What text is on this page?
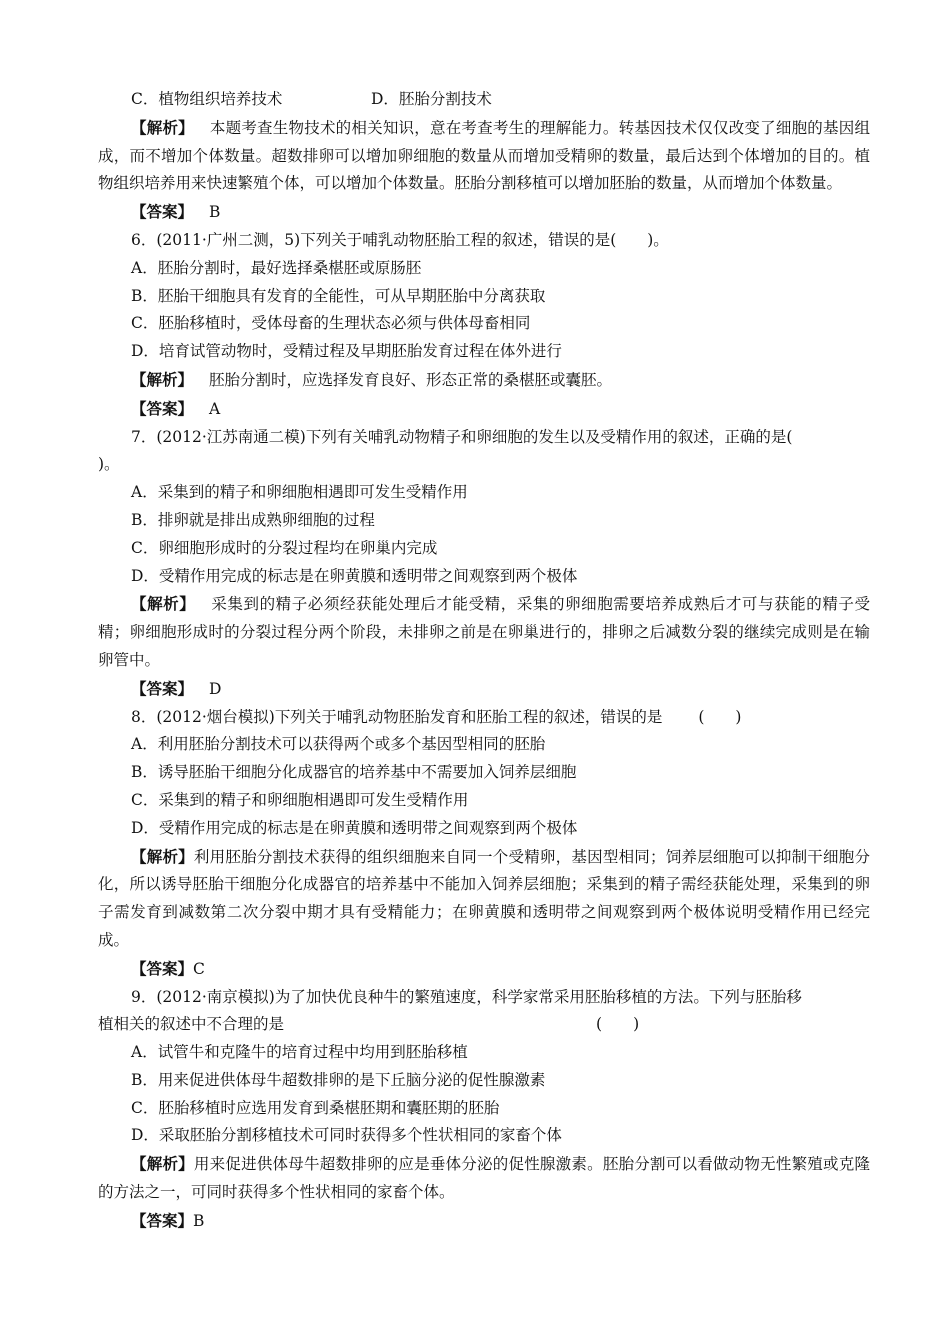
C．植物组织培养技术	D．胚胎分割技术
【解析】 本题考查生物技术的相关知识，意在考查考生的理解能力。转基因技术仅仅改变了细胞的基因组成，而不增加个体数量。超数排卵可以增加卵细胞的数量从而增加受精卵的数量，最后达到个体增加的目的。植物组织培养用来快速繁殖个体，可以增加个体数量。胚胎分割移植可以增加胚胎的数量，从而增加个体数量。
【答案】 B
6．(2011·广州二测，5)下列关于哺乳动物胚胎工程的叙述，错误的是(　　)。
A．胚胎分割时，最好选择桑椹胚或原肠胚
B．胚胎干细胞具有发育的全能性，可从早期胚胎中分离获取
C．胚胎移植时，受体母畜的生理状态必须与供体母畜相同
D．培育试管动物时，受精过程及早期胚胎发育过程在体外进行
【解析】 胚胎分割时，应选择发育良好、形态正常的桑椹胚或囊胚。
【答案】 A
7．(2012·江苏南通二模)下列有关哺乳动物精子和卵细胞的发生以及受精作用的叙述，正确的是(
)。
A．采集到的精子和卵细胞相遇即可发生受精作用
B．排卵就是排出成熟卵细胞的过程
C．卵细胞形成时的分裂过程均在卵巢内完成
D．受精作用完成的标志是在卵黄膜和透明带之间观察到两个极体
【解析】 采集到的精子必须经获能处理后才能受精，采集的卵细胞需要培养成熟后才可与获能的精子受精；卵细胞形成时的分裂过程分两个阶段，未排卵之前是在卵巢进行的，排卵之后减数分裂的继续完成则是在输卵管中。
【答案】 D
8．(2012·烟台模拟)下列关于哺乳动物胚胎发育和胚胎工程的叙述，错误的是 (　　)
A．利用胚胎分割技术可以获得两个或多个基因型相同的胚胎
B．诱导胚胎干细胞分化成器官的培养基中不需要加入饲养层细胞
C．采集到的精子和卵细胞相遇即可发生受精作用
D．受精作用完成的标志是在卵黄膜和透明带之间观察到两个极体
【解析】利用胚胎分割技术获得的组织细胞来自同一个受精卵，基因型相同；饲养层细胞可以抑制干细胞分化，所以诱导胚胎干细胞分化成器官的培养基中不能加入饲养层细胞；采集到的精子需经获能处理，采集到的卵子需发育到减数第二次分裂中期才具有受精能力；在卵黄膜和透明带之间观察到两个极体说明受精作用已经完成。
【答案】C
9．(2012·南京模拟)为了加快优良种牛的繁殖速度，科学家常采用胚胎移植的方法。下列与胚胎移
植相关的叙述中不合理的是	(　　)
A．试管牛和克隆牛的培育过程中均用到胚胎移植
B．用来促进供体母牛超数排卵的是下丘脑分泌的促性腺激素
C．胚胎移植时应选用发育到桑椹胚期和囊胚期的胚胎
D．采取胚胎分割移植技术可同时获得多个性状相同的家畜个体
【解析】用来促进供体母牛超数排卵的应是垂体分泌的促性腺激素。胚胎分割可以看做动物无性繁殖或克隆的方法之一，可同时获得多个性状相同的家畜个体。
【答案】B
